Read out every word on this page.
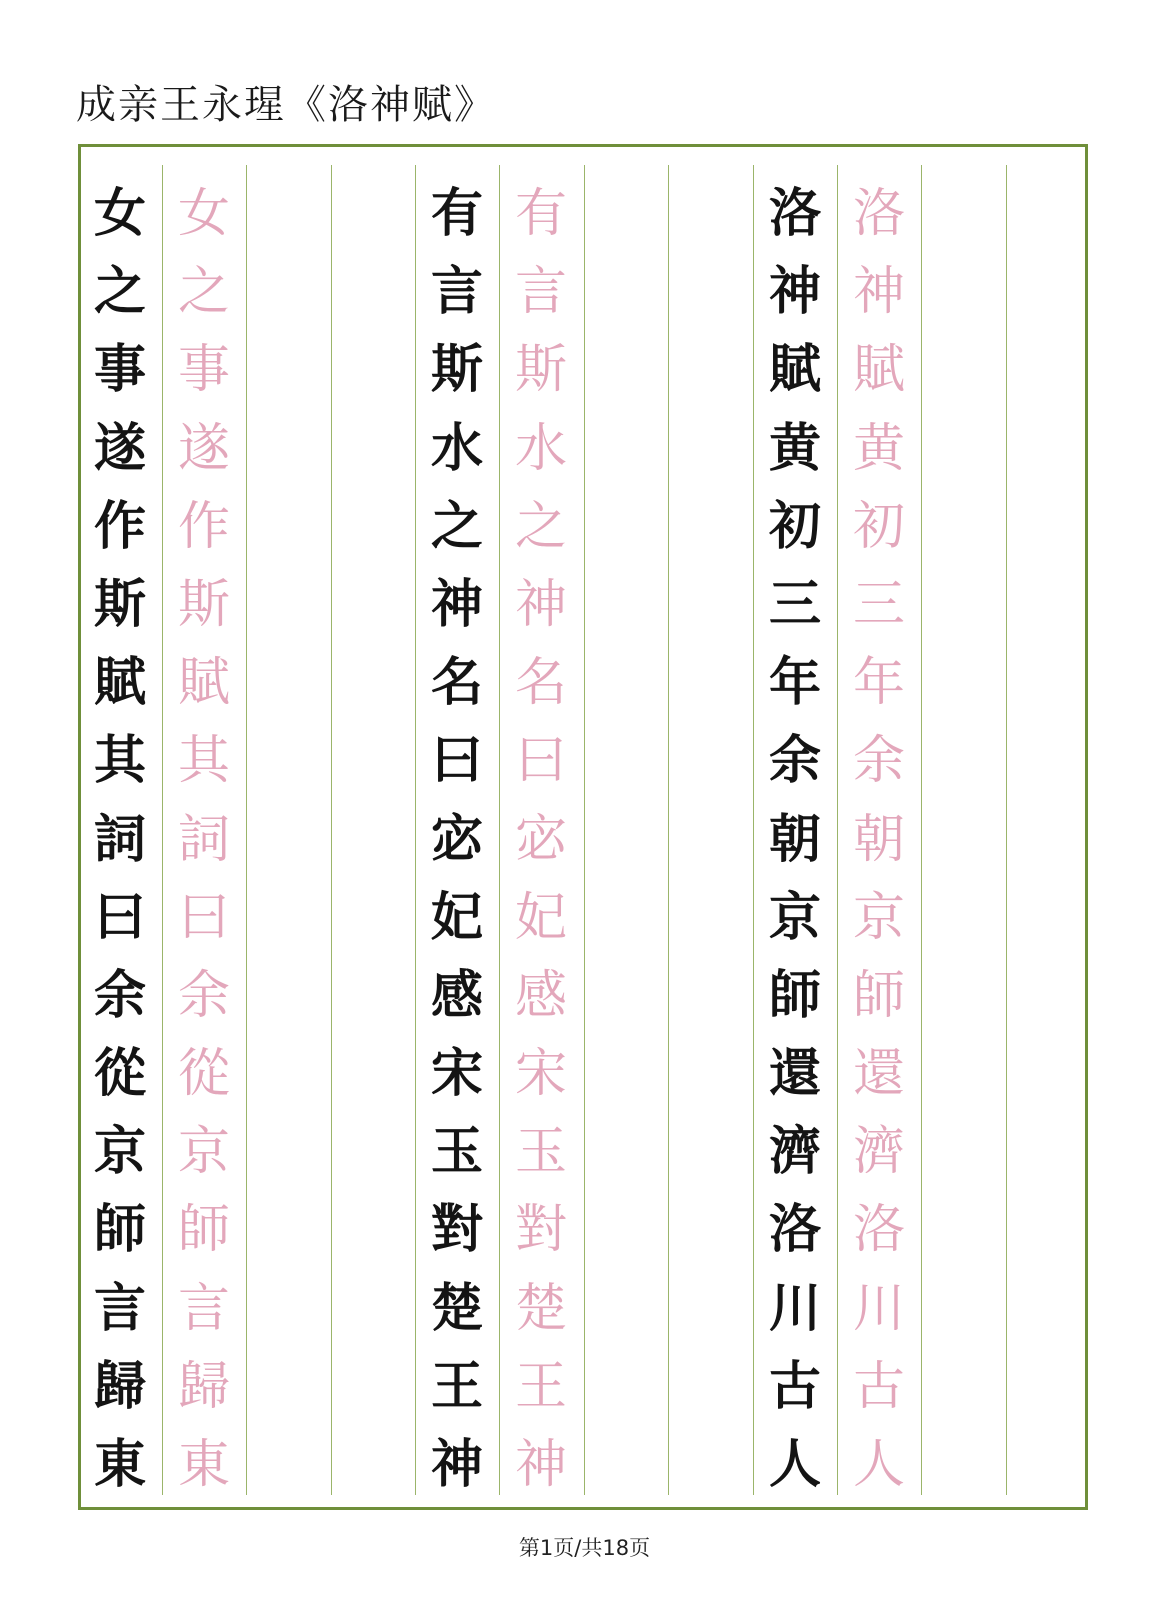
成亲王永瑆《洛神赋》
洛
神
賦
黄
初
三
年
余
朝
京
師
還
濟
洛
川
古
人
洛
神
賦
黄
初
三
年
余
朝
京
師
還
濟
洛
川
古
人
有
言
斯
水
之
神
名
曰
宓
妃
感
宋
玉
對
楚
王
神
有
言
斯
水
之
神
名
曰
宓
妃
感
宋
玉
對
楚
王
神
女
之
事
遂
作
斯
賦
其
詞
曰
余
從
京
師
言
歸
東
女
之
事
遂
作
斯
賦
其
詞
曰
余
從
京
師
言
歸
東
第1页/共18页
